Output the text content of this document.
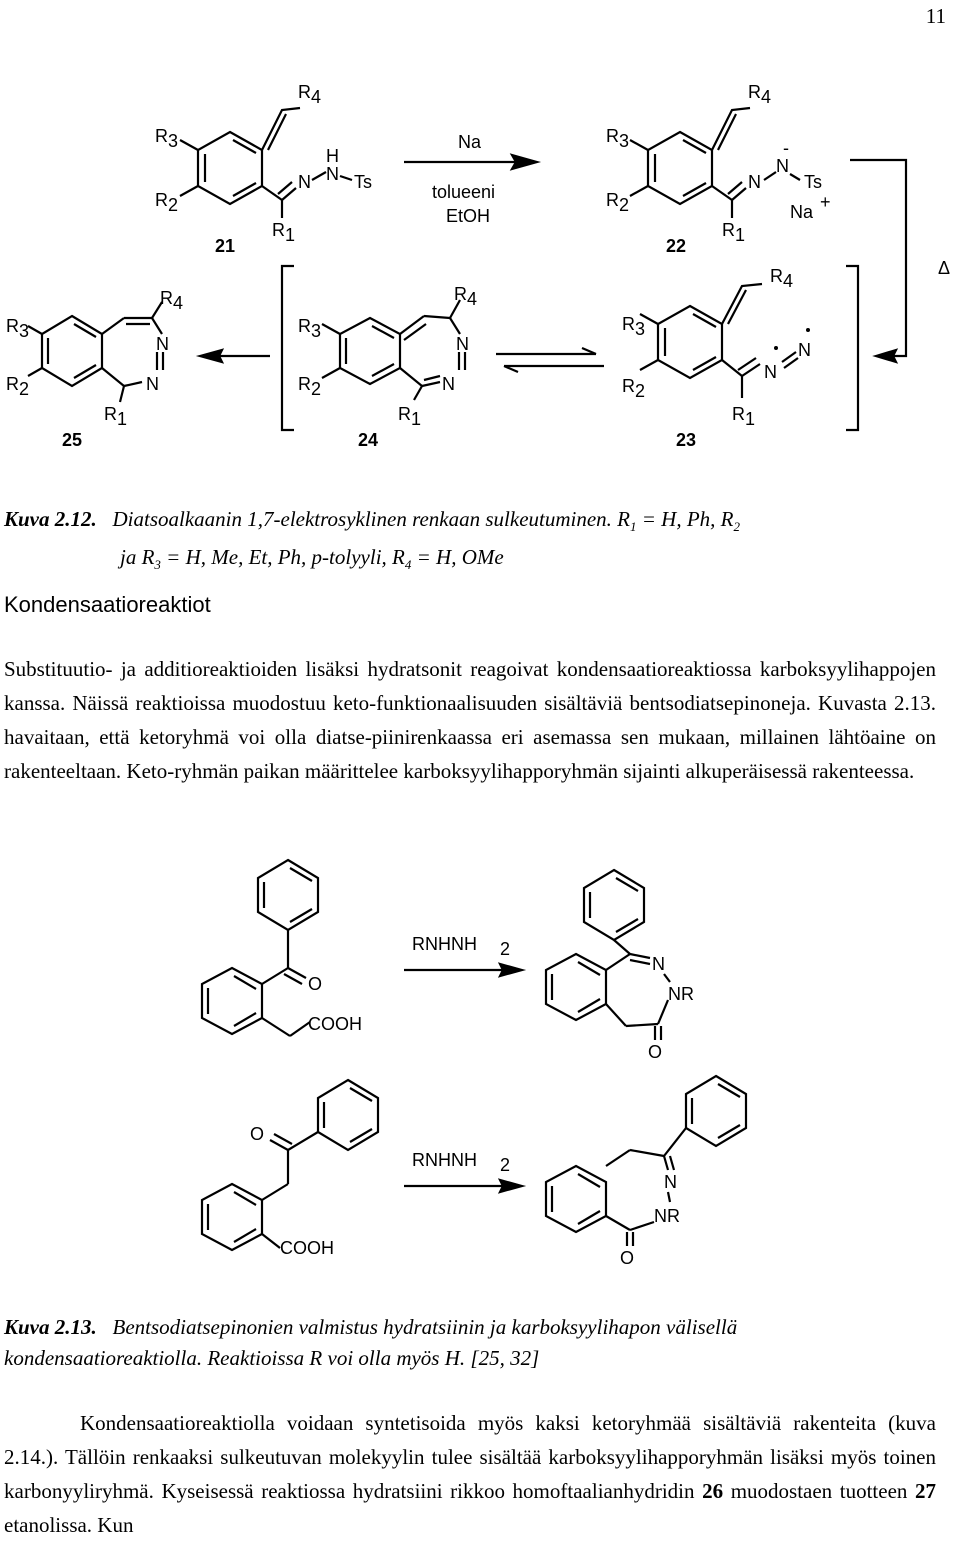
11
R 3
R 2
R 4
N
H
N Ts
R 1
21
Na
tolueeni
EtOH
R 3
R 2
R 4
N
-
N
Ts
Na +
R 1
22
Δ
R 3
R 2
R 4
N
N
R 1
23
R 3
R 2
R 4
N
N
R 1
24
R 3
R 2
R 4
N
N
R 1
25
Kuva 2.12. Diatsoalkaanin 1,7-elektrosyklinen renkaan sulkeutuminen. $R_1 = H$, Ph, $R_2$
ja $R_3 = H$, Me, Et, Ph, p-tolyyli, $R_4 = H$, OMe
Kondensaatioreaktiot
Substituutio- ja additioreaktioiden lisäksi hydratsonit reagoivat kondensaatioreaktiossa karboksyylihappojen kanssa. Näissä reaktioissa muodostuu keto-funktionaalisuuden sisältäviä bentsodiatsepinoneja. Kuvasta 2.13. havaitaan, että ketoryhmä voi olla diatse-piinirenkaassa eri asemassa sen mukaan, millainen lähtöaine on rakenteeltaan. Keto-ryhmän paikan määrittelee karboksyylihapporyhmän sijainti alkuperäisessä rakenteessa.
O
COOH
RNHNH 2
N
NR
O
O
COOH
RNHNH 2
N
NR
O
Kuva 2.13. Bentsodiatsepinonien valmistus hydratsiinin ja karboksyylihapon välisellä kondensaatioreaktiolla. Reaktioissa R voi olla myös H. [25, 32]
Kondensaatioreaktiolla voidaan syntetisoida myös kaksi ketoryhmää sisältäviä rakenteita (kuva 2.14.). Tällöin renkaaksi sulkeutuvan molekyylin tulee sisältää karboksyylihapporyhmän lisäksi myös toinen karbonyyliryhmä. Kyseisessä reaktiossa hydratsiini rikkoo homoftaalianhydridin 26 muodostaen tuotteen 27 etanolissa. Kun
